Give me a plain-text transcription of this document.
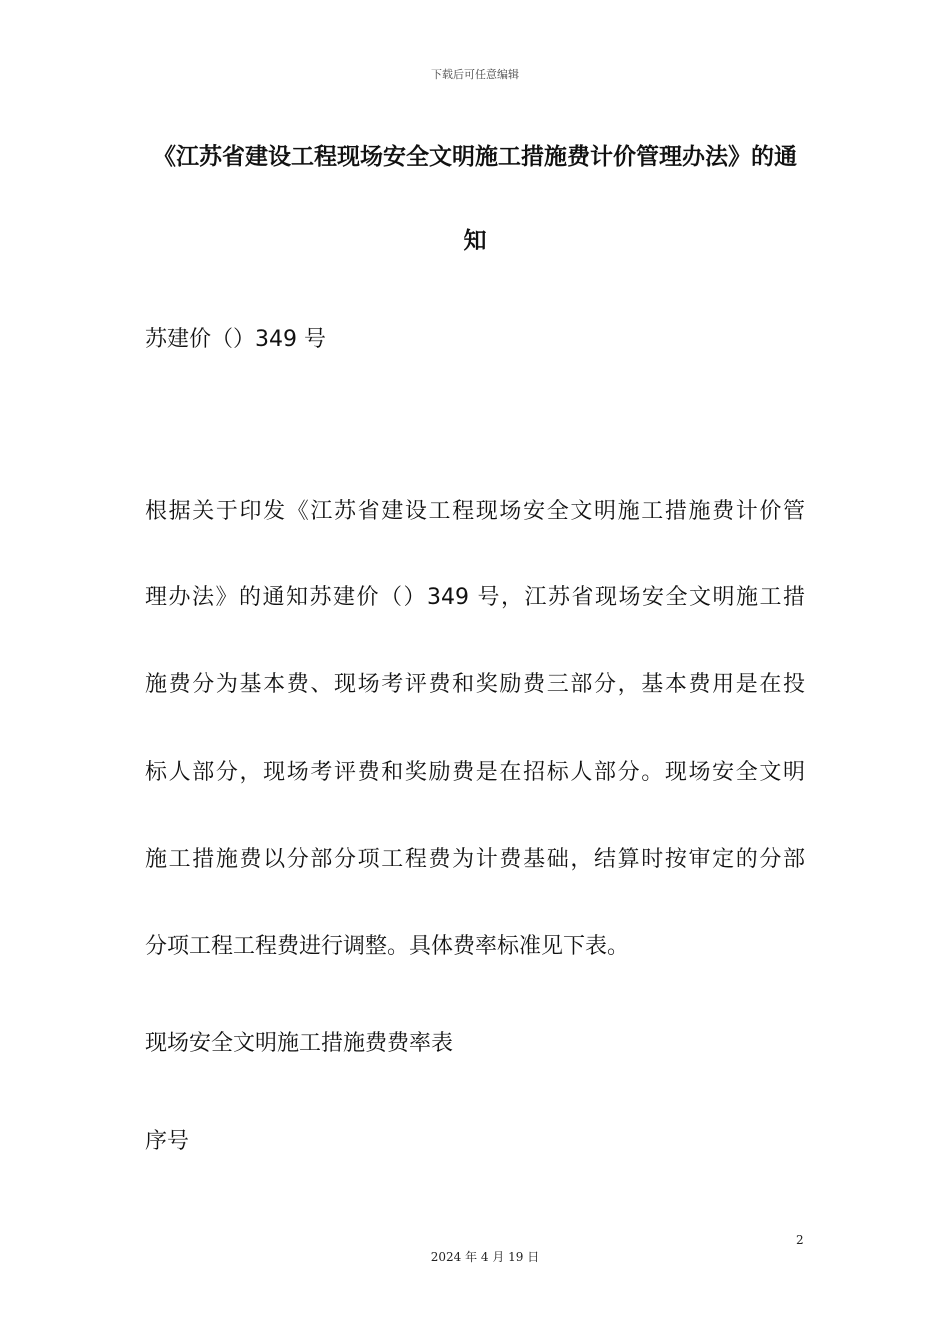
下载后可任意编辑
《江苏省建设工程现场安全文明施工措施费计价管理办法》的通
知
苏建价（）349 号
根据关于印发《江苏省建设工程现场安全文明施工措施费计价管
理办法》的通知苏建价（）349 号，江苏省现场安全文明施工措
施费分为基本费、现场考评费和奖励费三部分，基本费用是在投
标人部分，现场考评费和奖励费是在招标人部分。现场安全文明
施工措施费以分部分项工程费为计费基础，结算时按审定的分部
分项工程工程费进行调整。具体费率标准见下表。
现场安全文明施工措施费费率表
序号
2
2024 年 4 月 19 日
